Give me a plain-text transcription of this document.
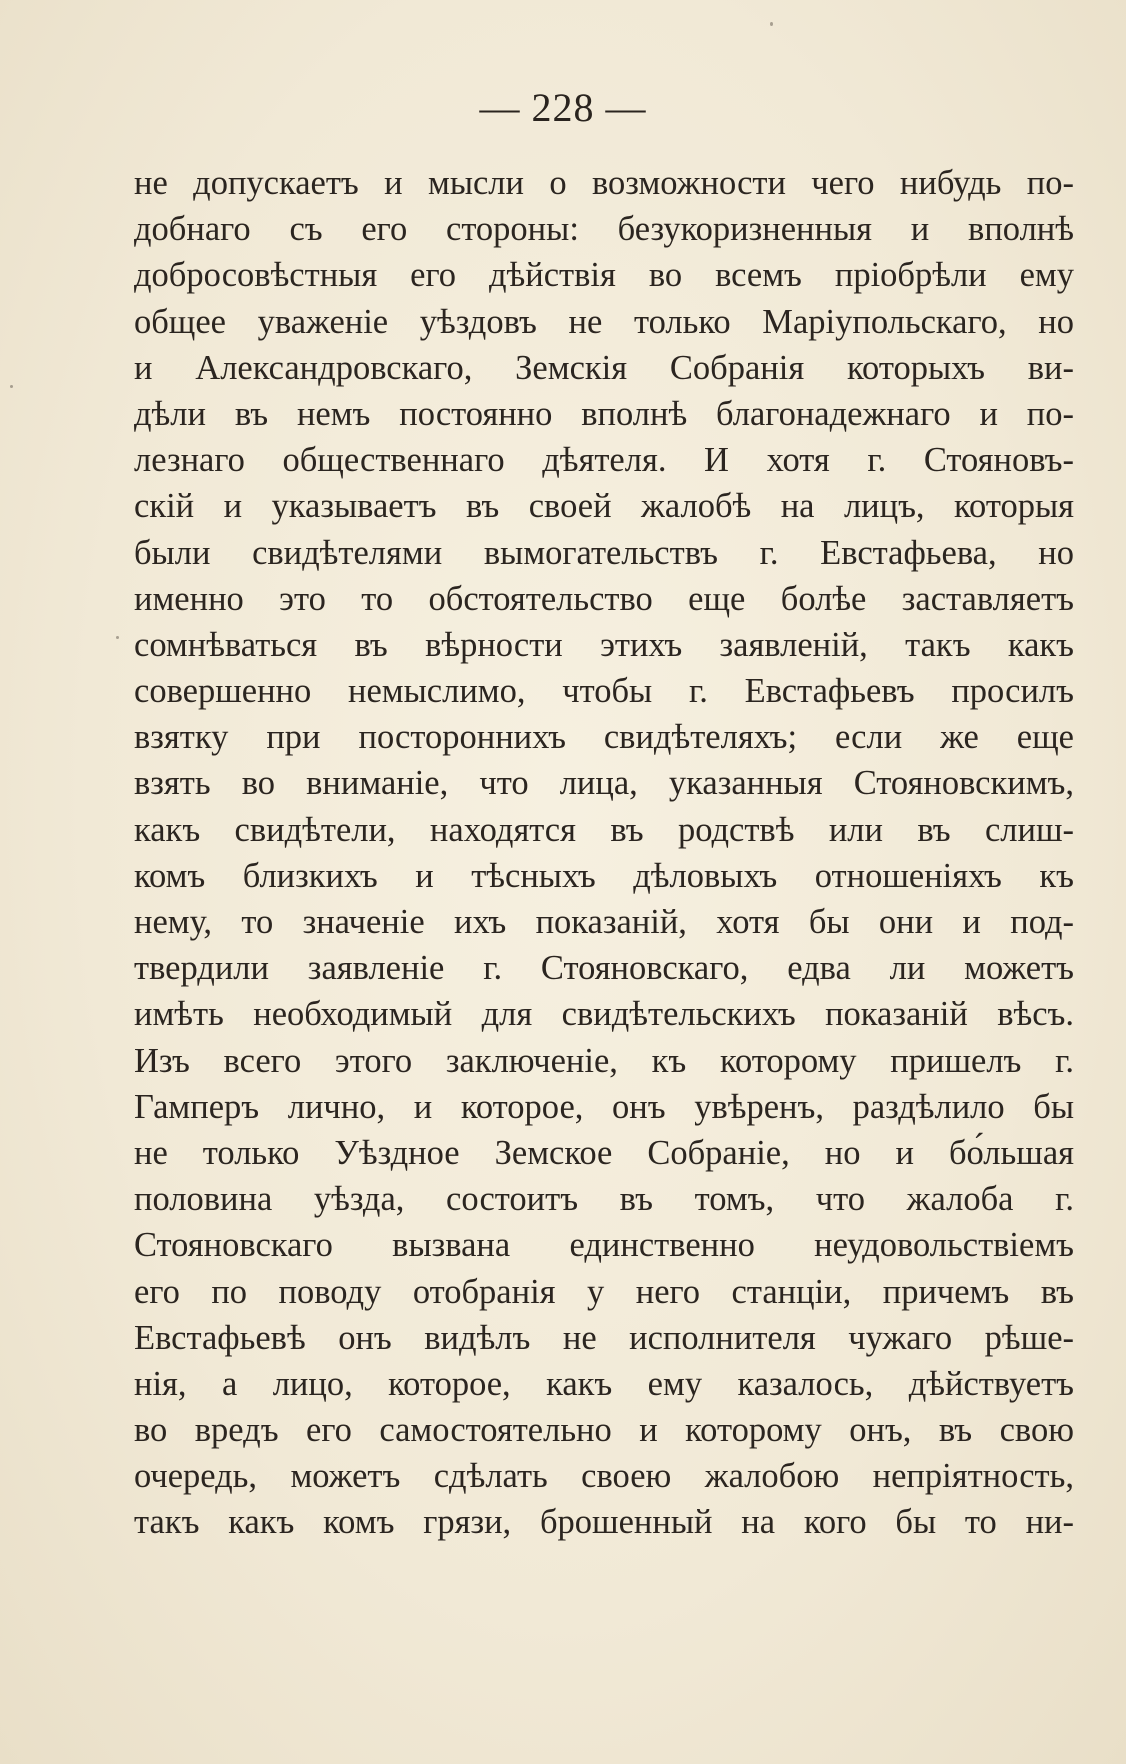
— 228 —
не допускаетъ и мысли о возможности чего нибудь по-
добнаго съ его стороны: безукоризненныя и вполнѣ
добросовѣстныя его дѣйствія во всемъ пріобрѣли ему
общее уваженіе уѣздовъ не только Маріупольскаго, но
и Александровскаго, Земскія Собранія которыхъ ви-
дѣли въ немъ постоянно вполнѣ благонадежнаго и по-
лезнаго общественнаго дѣятеля. И хотя г. Стояновъ-
скій и указываетъ въ своей жалобѣ на лицъ, которыя
были свидѣтелями вымогательствъ г. Евстафьева, но
именно это то обстоятельство еще болѣе заставляетъ
сомнѣваться въ вѣрности этихъ заявленій, такъ какъ
совершенно немыслимо, чтобы г. Евстафьевъ просилъ
взятку при постороннихъ свидѣтеляхъ; если же еще
взять во вниманіе, что лица, указанныя Стояновскимъ,
какъ свидѣтели, находятся въ родствѣ или въ слиш-
комъ близкихъ и тѣсныхъ дѣловыхъ отношеніяхъ къ
нему, то значеніе ихъ показаній, хотя бы они и под-
твердили заявленіе г. Стояновскаго, едва ли можетъ
имѣть необходимый для свидѣтельскихъ показаній вѣсъ.
Изъ всего этого заключеніе, къ которому пришелъ г.
Гамперъ лично, и которое, онъ увѣренъ, раздѣлило бы
не только Уѣздное Земское Собраніе, но и бо́льшая
половина уѣзда, состоитъ въ томъ, что жалоба г.
Стояновскаго вызвана единственно неудовольствіемъ
его по поводу отобранія у него станціи, причемъ въ
Евстафьевѣ онъ видѣлъ не исполнителя чужаго рѣше-
нія, а лицо, которое, какъ ему казалось, дѣйствуетъ
во вредъ его самостоятельно и которому онъ, въ свою
очередь, можетъ сдѣлать своею жалобою непріятность,
такъ какъ комъ грязи, брошенный на кого бы то ни-
